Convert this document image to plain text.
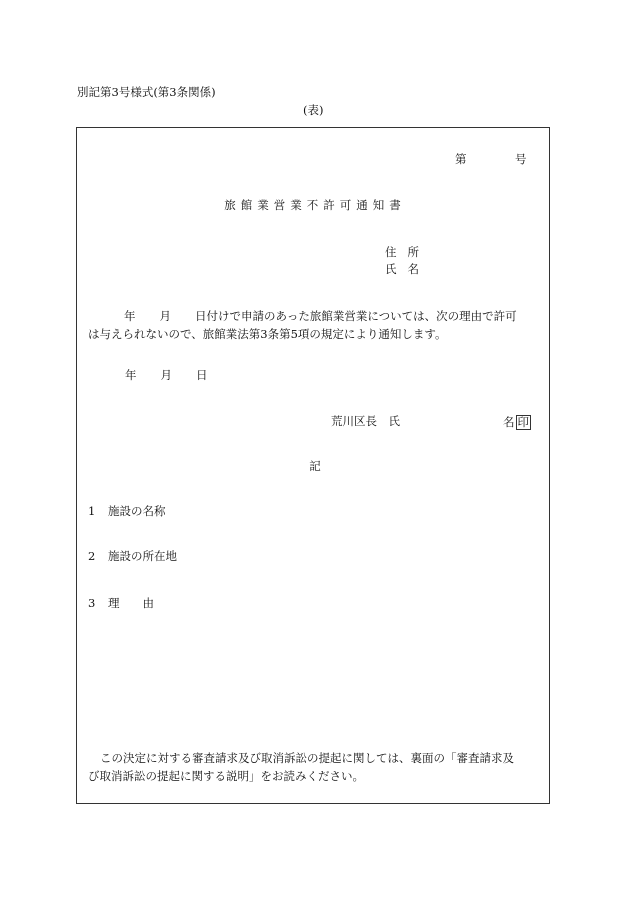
別記第3号様式(第3条関係)
(表)
第	号
旅館業営業不許可通知書
住 所
氏 名
年 月 日付けで申請のあった旅館業営業については、次の理由で許可
は与えられないので、旅館業法第3条第5項の規定により通知します。
年 月 日
荒川区長　氏	名 印
記
1 施設の名称
2 施設の所在地
3 理　　由
この決定に対する審査請求及び取消訴訟の提起に関しては、裏面の「審査請求及
び取消訴訟の提起に関する説明」をお読みください。
